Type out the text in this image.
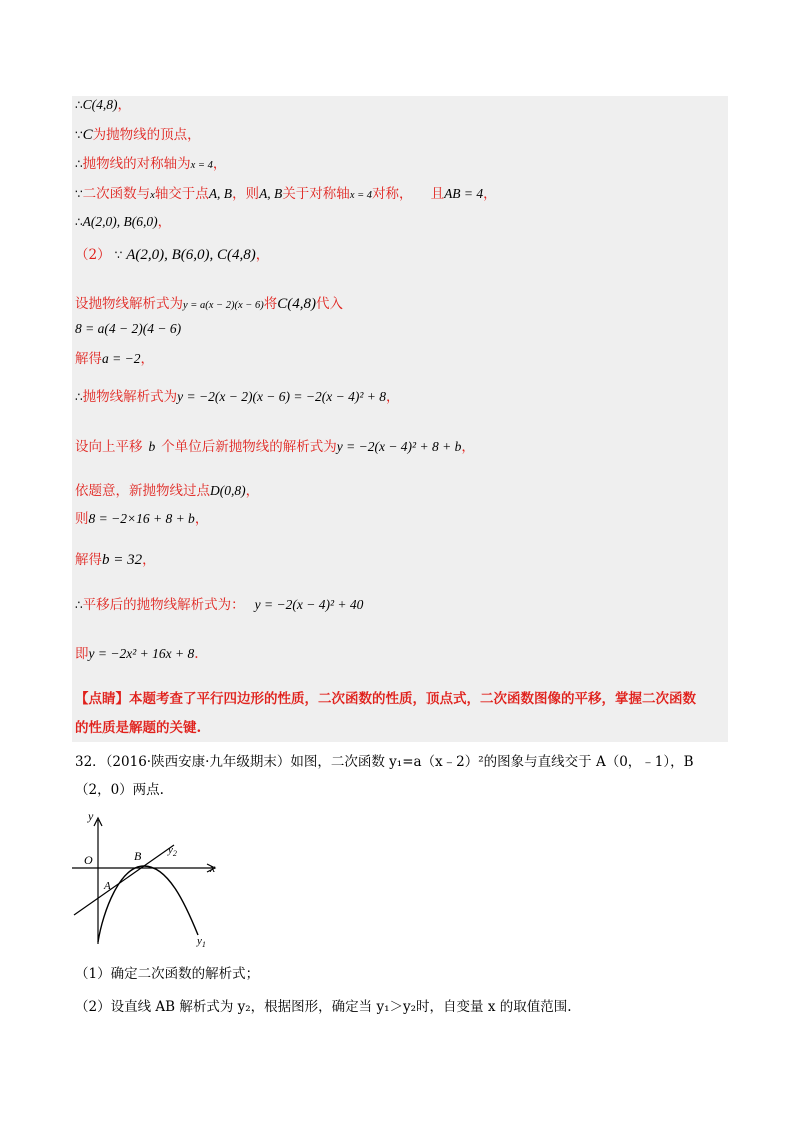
∴C(4,8)，
∵C为抛物线的顶点，
∴抛物线的对称轴为x = 4，
∵二次函数与x轴交于点A, B，则A, B关于对称轴x = 4对称， 且AB = 4，
∴A(2,0), B(6,0)，
（2） ∵ A(2,0), B(6,0), C(4,8)，
设抛物线解析式为y = a(x − 2)(x − 6)将C(4,8)代入
8 = a(4 − 2)(4 − 6)
解得a = −2，
∴抛物线解析式为y = −2(x − 2)(x − 6) = −2(x − 4)² + 8，
设向上平移 b 个单位后新抛物线的解析式为y = −2(x − 4)² + 8 + b，
依题意，新抛物线过点D(0,8)，
则8 = −2×16 + 8 + b，
解得b = 32，
∴平移后的抛物线解析式为： y = −2(x − 4)² + 40
即y = −2x² + 16x + 8.
【点睛】本题考查了平行四边形的性质，二次函数的性质，顶点式，二次函数图像的平移，掌握二次函数
的性质是解题的关键.
32．（2016·陕西安康·九年级期末）如图，二次函数 y₁=a（x﹣2）²的图象与直线交于 A（0，﹣1），B
（2，0）两点.
y
x
O	B
A
$y_2$
$y_1$
（1）确定二次函数的解析式；
（2）设直线 AB 解析式为 y₂，根据图形，确定当 y₁＞y₂时，自变量 x 的取值范围.
